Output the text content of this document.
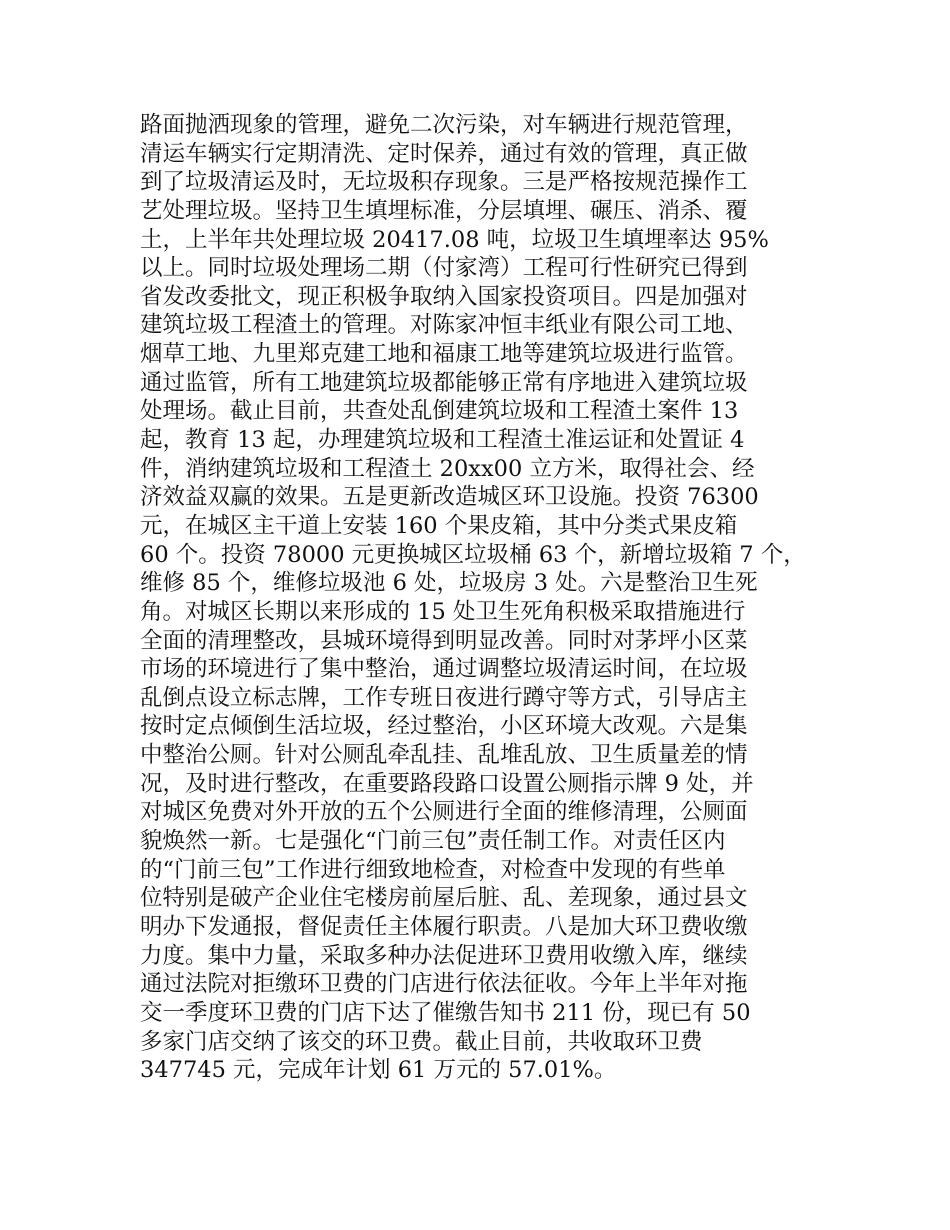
路面抛洒现象的管理，避免二次污染，对车辆进行规范管理，
清运车辆实行定期清洗、定时保养，通过有效的管理，真正做
到了垃圾清运及时，无垃圾积存现象。三是严格按规范操作工
艺处理垃圾。坚持卫生填埋标准，分层填埋、碾压、消杀、覆
土，上半年共处理垃圾 20417.08 吨，垃圾卫生填埋率达 95%
以上。同时垃圾处理场二期（付家湾）工程可行性研究已得到
省发改委批文，现正积极争取纳入国家投资项目。四是加强对
建筑垃圾工程渣土的管理。对陈家冲恒丰纸业有限公司工地、
烟草工地、九里郑克建工地和福康工地等建筑垃圾进行监管。
通过监管，所有工地建筑垃圾都能够正常有序地进入建筑垃圾
处理场。截止目前，共查处乱倒建筑垃圾和工程渣土案件 13
起，教育 13 起，办理建筑垃圾和工程渣土准运证和处置证 4
件，消纳建筑垃圾和工程渣土 20xx00 立方米，取得社会、经
济效益双赢的效果。五是更新改造城区环卫设施。投资 76300
元，在城区主干道上安装 160 个果皮箱，其中分类式果皮箱
60 个。投资 78000 元更换城区垃圾桶 63 个，新增垃圾箱 7 个，
维修 85 个，维修垃圾池 6 处，垃圾房 3 处。六是整治卫生死
角。对城区长期以来形成的 15 处卫生死角积极采取措施进行
全面的清理整改，县城环境得到明显改善。同时对茅坪小区菜
市场的环境进行了集中整治，通过调整垃圾清运时间，在垃圾
乱倒点设立标志牌，工作专班日夜进行蹲守等方式，引导店主
按时定点倾倒生活垃圾，经过整治，小区环境大改观。六是集
中整治公厕。针对公厕乱牵乱挂、乱堆乱放、卫生质量差的情
况，及时进行整改，在重要路段路口设置公厕指示牌 9 处，并
对城区免费对外开放的五个公厕进行全面的维修清理，公厕面
貌焕然一新。七是强化“门前三包”责任制工作。对责任区内
的“门前三包”工作进行细致地检查，对检查中发现的有些单
位特别是破产企业住宅楼房前屋后脏、乱、差现象，通过县文
明办下发通报，督促责任主体履行职责。八是加大环卫费收缴
力度。集中力量，采取多种办法促进环卫费用收缴入库，继续
通过法院对拒缴环卫费的门店进行依法征收。今年上半年对拖
交一季度环卫费的门店下达了催缴告知书 211 份，现已有 50
多家门店交纳了该交的环卫费。截止目前，共收取环卫费
347745 元，完成年计划 61 万元的 57.01%。
